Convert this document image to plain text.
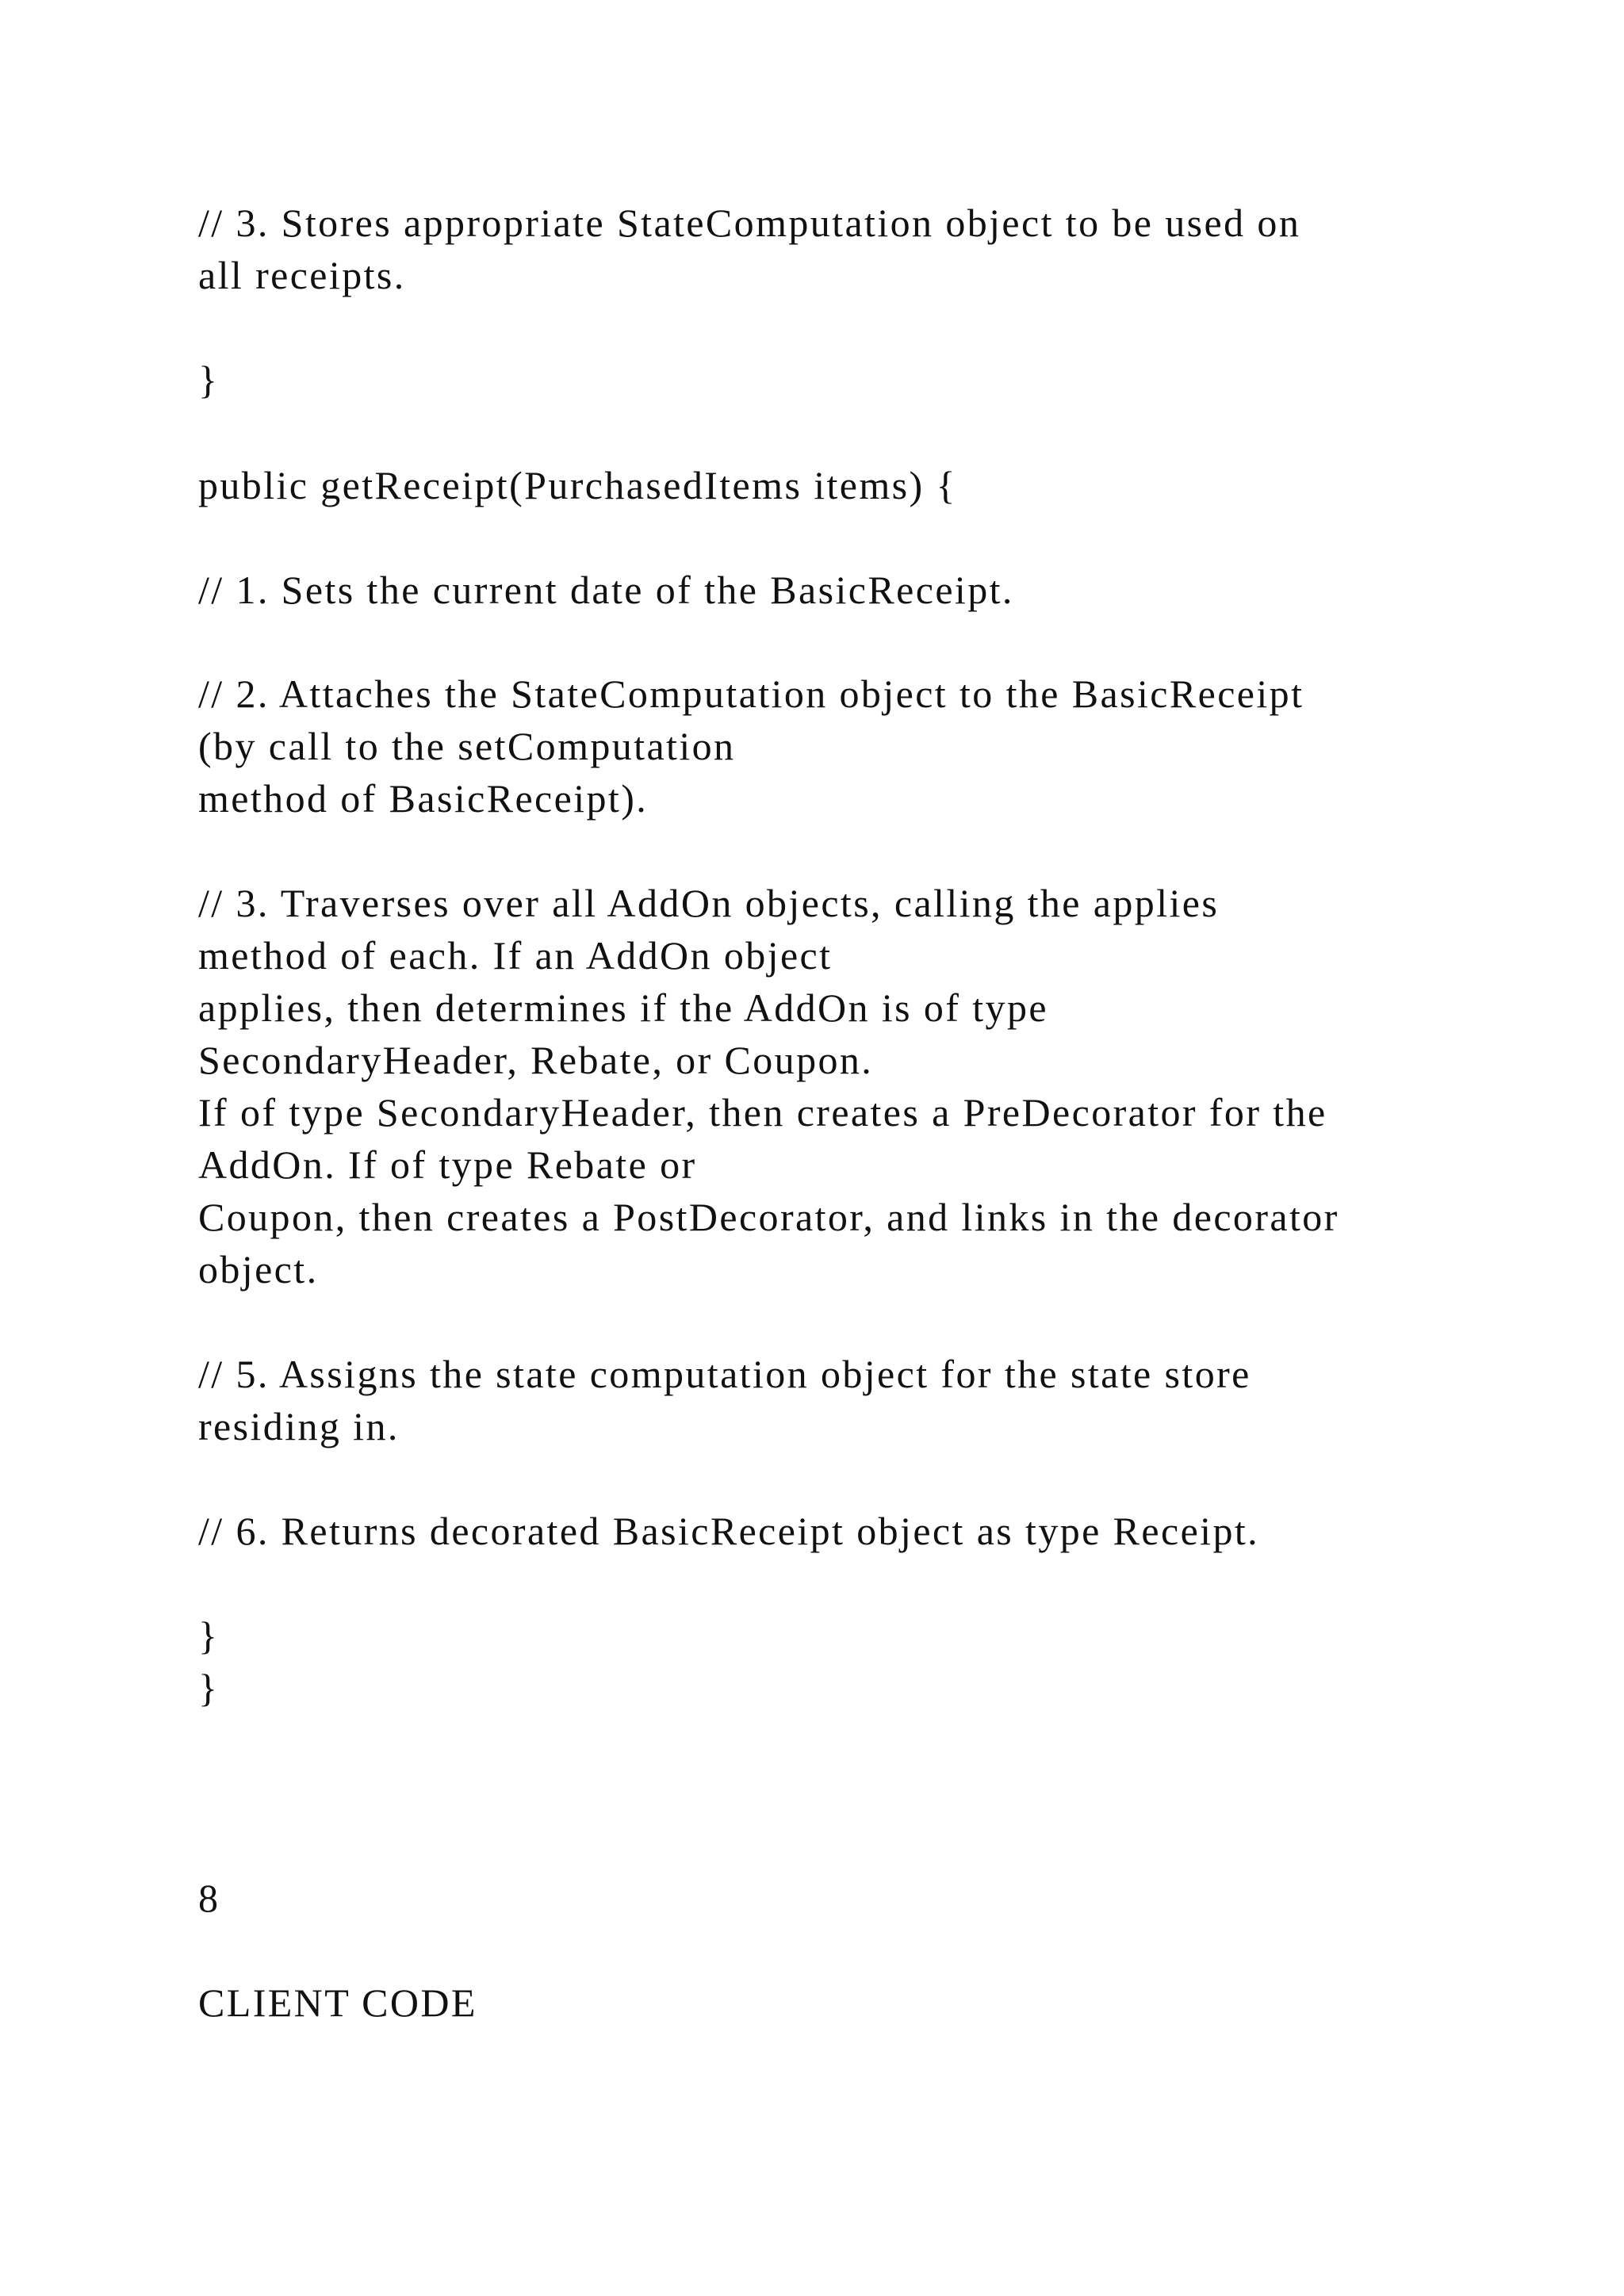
// 3. Stores appropriate StateComputation object to be used on
all receipts.
}
public getReceipt(PurchasedItems items) {
// 1. Sets the current date of the BasicReceipt.
// 2. Attaches the StateComputation object to the BasicReceipt
(by call to the setComputation
method of BasicReceipt).
// 3. Traverses over all AddOn objects, calling the applies
method of each. If an AddOn object
applies, then determines if the AddOn is of type
SecondaryHeader, Rebate, or Coupon.
If of type SecondaryHeader, then creates a PreDecorator for the
AddOn. If of type Rebate or
Coupon, then creates a PostDecorator, and links in the decorator
object.
// 5. Assigns the state computation object for the state store
residing in.
// 6. Returns decorated BasicReceipt object as type Receipt.
}
}
8
CLIENT CODE
